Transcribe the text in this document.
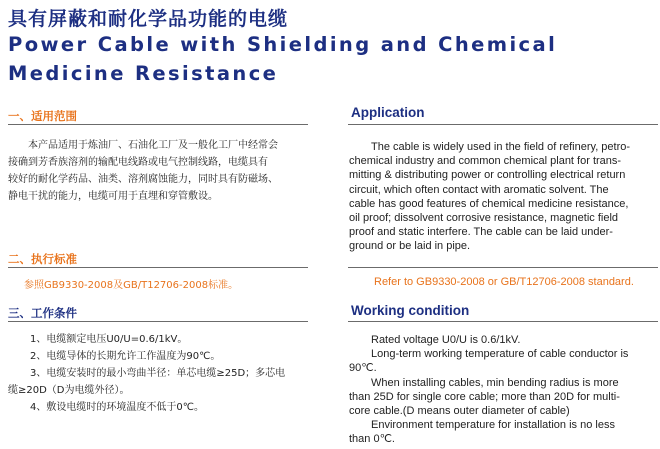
具有屏蔽和耐化学品功能的电缆
Power Cable with Shielding and Chemical
Medicine Resistance
一、适用范围
　　本产品适用于炼油厂、石油化工厂及一般化工厂中经常会
接确到芳香族溶剂的输配电线路或电气控制线路，电缆具有
较好的耐化学药品、油类、溶剂腐蚀能力，同时具有防磁场、
静电干扰的能力，电缆可用于直埋和穿管敷设。
二、执行标准
参照GB9330-2008及GB/T12706-2008标准。
三、工作条件
1、电缆额定电压U0/U=0.6/1kV。
2、电缆导体的长期允许工作温度为90℃。
3、电缆安装时的最小弯曲半径：单芯电缆≥25D；多芯电
缆≥20D（D为电缆外径）。
4、敷设电缆时的环境温度不低于0℃。
Application
　　The cable is widely used in the field of refinery, petro-
chemical industry and common chemical plant for trans-
mitting & distributing power or controlling electrical return
circuit, which often contact with aromatic solvent. The
cable has good features of chemical medicine resistance,
oil proof; dissolvent corrosive resistance, magnetic field
proof and static interfere. The cable can be laid under-
ground or be laid in pipe.
Refer to GB9330-2008 or GB/T12706-2008 standard.
Working condition
　　Rated voltage U0/U is 0.6/1kV.
　　Long-term working temperature of cable conductor is
90℃.
　　When installing cables, min bending radius is more
than 25D for single core cable; more than 20D for multi-
core cable.(D means outer diameter of cable)
　　Environment temperature for installation is no less
than 0℃.
